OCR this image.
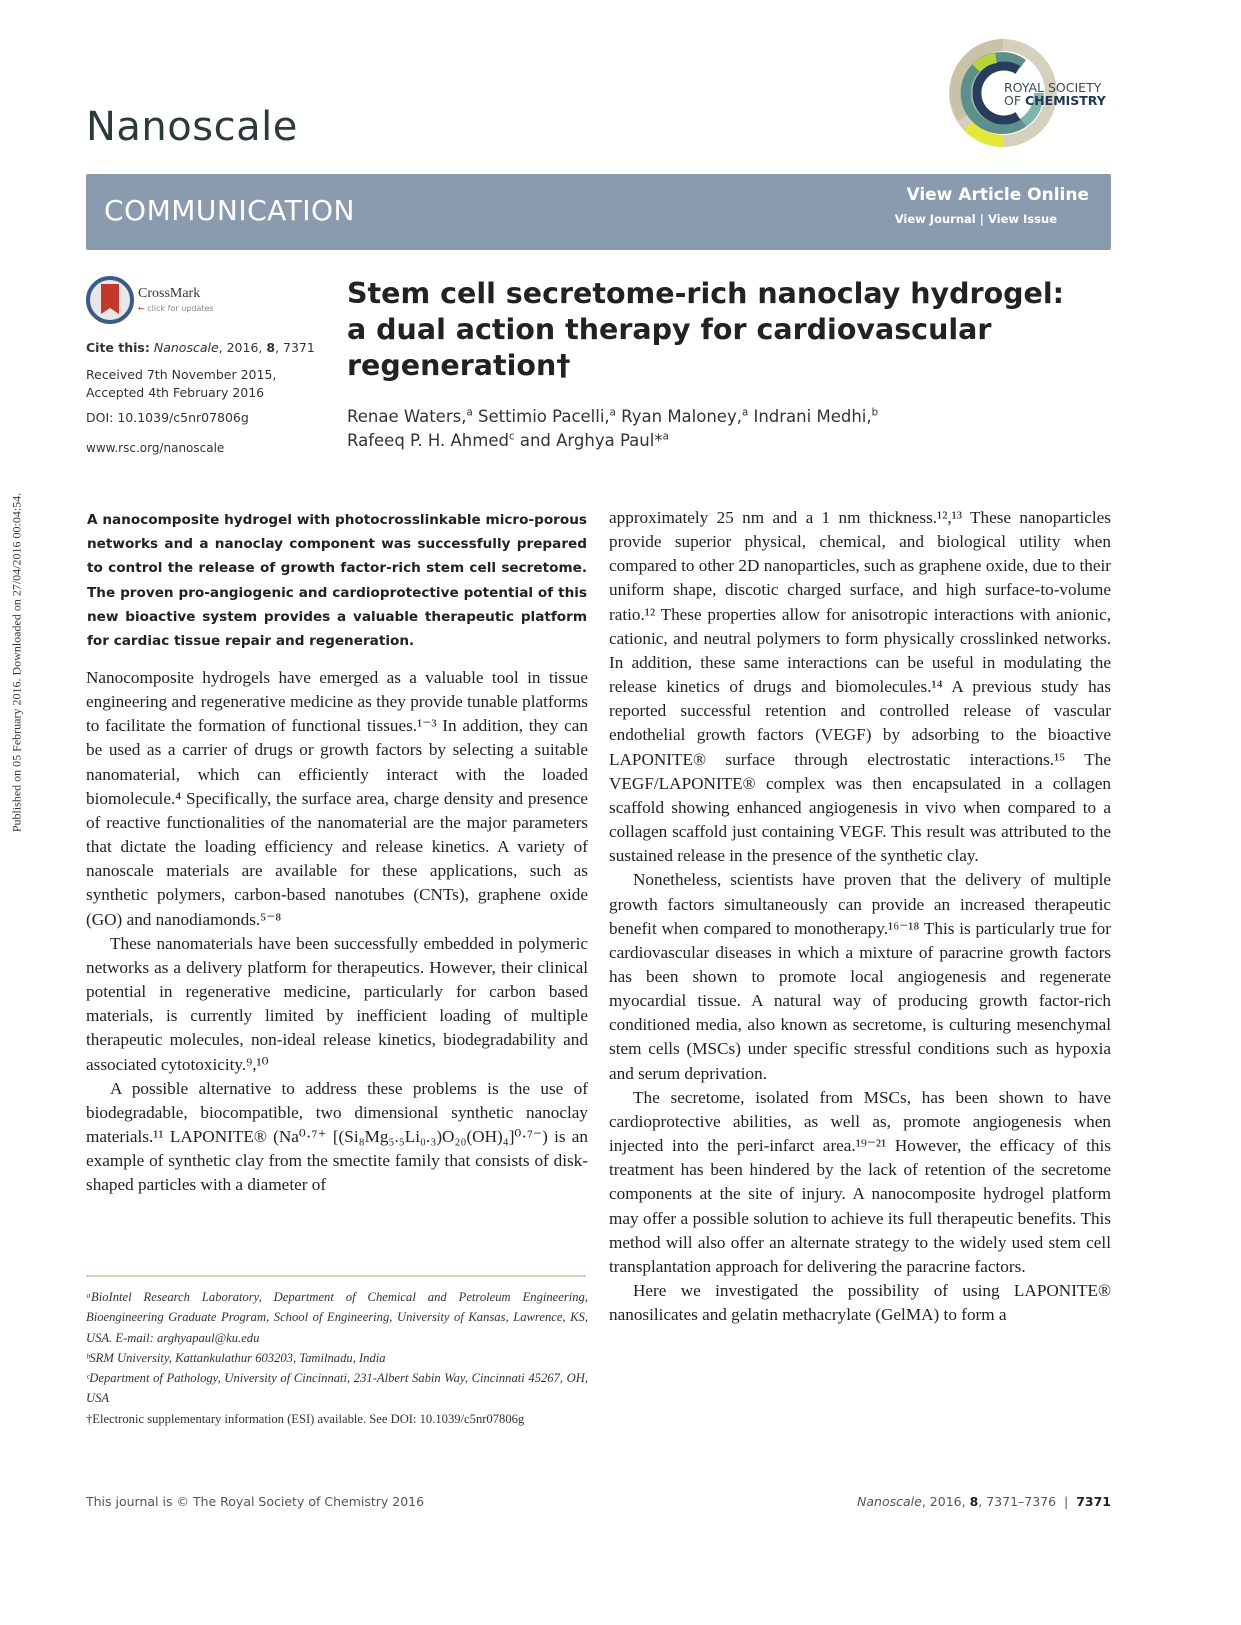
ROYAL SOCIETY
OF CHEMISTRY
Nanoscale
COMMUNICATION	View Article Online
View Journal | View Issue
CrossMark
← click for updates
Cite this: Nanoscale, 2016, 8, 7371
Received 7th November 2015,
Accepted 4th February 2016
DOI: 10.1039/c5nr07806g
www.rsc.org/nanoscale
Stem cell secretome-rich nanoclay hydrogel: a dual action therapy for cardiovascular regeneration†
Renae Waters,$^a$ Settimio Pacelli,$^a$ Ryan Maloney,$^a$ Indrani Medhi,$^b$
Rafeeq P. H. Ahmed$^c$ and Arghya Paul*$^a$
Published on 05 February 2016. Downloaded on 27/04/2016 00:04:54.	A nanocomposite hydrogel with photocrosslinkable micro-porous networks and a nanoclay component was successfully prepared to control the release of growth factor-rich stem cell secretome. The proven pro-angiogenic and cardioprotective potential of this new bioactive system provides a valuable therapeutic platform for cardiac tissue repair and regeneration.

Nanocomposite hydrogels have emerged as a valuable tool in tissue engineering and regenerative medicine as they provide tunable platforms to facilitate the formation of functional tissues.¹⁻³ In addition, they can be used as a carrier of drugs or growth factors by selecting a suitable nanomaterial, which can efficiently interact with the loaded biomolecule.⁴ Specifically, the surface area, charge density and presence of reactive functionalities of the nanomaterial are the major parameters that dictate the loading efficiency and release kinetics. A variety of nanoscale materials are available for these applications, such as synthetic polymers, carbon-based nanotubes (CNTs), graphene oxide (GO) and nanodiamonds.⁵⁻⁸

These nanomaterials have been successfully embedded in polymeric networks as a delivery platform for therapeutics. However, their clinical potential in regenerative medicine, particularly for carbon based materials, is currently limited by inefficient loading of multiple therapeutic molecules, non-ideal release kinetics, biodegradability and associated cytotoxicity.⁹,¹⁰

A possible alternative to address these problems is the use of biodegradable, biocompatible, two dimensional synthetic nanoclay materials.¹¹ LAPONITE® (Na⁰·⁷⁺ [(Si₈Mg₅.₅Li₀.₃)O₂₀(OH)₄]⁰·⁷⁻) is an example of synthetic clay from the smectite family that consists of disk-shaped particles with a diameter of

approximately 25 nm and a 1 nm thickness.¹²,¹³ These nanoparticles provide superior physical, chemical, and biological utility when compared to other 2D nanoparticles, such as graphene oxide, due to their uniform shape, discotic charged surface, and high surface-to-volume ratio.¹² These properties allow for anisotropic interactions with anionic, cationic, and neutral polymers to form physically crosslinked networks. In addition, these same interactions can be useful in modulating the release kinetics of drugs and biomolecules.¹⁴ A previous study has reported successful retention and controlled release of vascular endothelial growth factors (VEGF) by adsorbing to the bioactive LAPONITE® surface through electrostatic interactions.¹⁵ The VEGF/LAPONITE® complex was then encapsulated in a collagen scaffold showing enhanced angiogenesis in vivo when compared to a collagen scaffold just containing VEGF. This result was attributed to the sustained release in the presence of the synthetic clay.

Nonetheless, scientists have proven that the delivery of multiple growth factors simultaneously can provide an increased therapeutic benefit when compared to monotherapy.¹⁶⁻¹⁸ This is particularly true for cardiovascular diseases in which a mixture of paracrine growth factors has been shown to promote local angiogenesis and regenerate myocardial tissue. A natural way of producing growth factor-rich conditioned media, also known as secretome, is culturing mesenchymal stem cells (MSCs) under specific stressful conditions such as hypoxia and serum deprivation.

The secretome, isolated from MSCs, has been shown to have cardioprotective abilities, as well as, promote angiogenesis when injected into the peri-infarct area.¹⁹⁻²¹ However, the efficacy of this treatment has been hindered by the lack of retention of the secretome components at the site of injury. A nanocomposite hydrogel platform may offer a possible solution to achieve its full therapeutic benefits. This method will also offer an alternate strategy to the widely used stem cell transplantation approach for delivering the paracrine factors.

Here we investigated the possibility of using LAPONITE® nanosilicates and gelatin methacrylate (GelMA) to form a

ᵃBioIntel Research Laboratory, Department of Chemical and Petroleum Engineering, Bioengineering Graduate Program, School of Engineering, University of Kansas, Lawrence, KS, USA. E-mail: arghyapaul@ku.edu
ᵇSRM University, Kattankulathur 603203, Tamilnadu, India
ᶜDepartment of Pathology, University of Cincinnati, 231-Albert Sabin Way, Cincinnati 45267, OH, USA
†Electronic supplementary information (ESI) available. See DOI: 10.1039/c5nr07806g
This journal is © The Royal Society of Chemistry 2016	Nanoscale, 2016, 8, 7371–7376  |  7371
